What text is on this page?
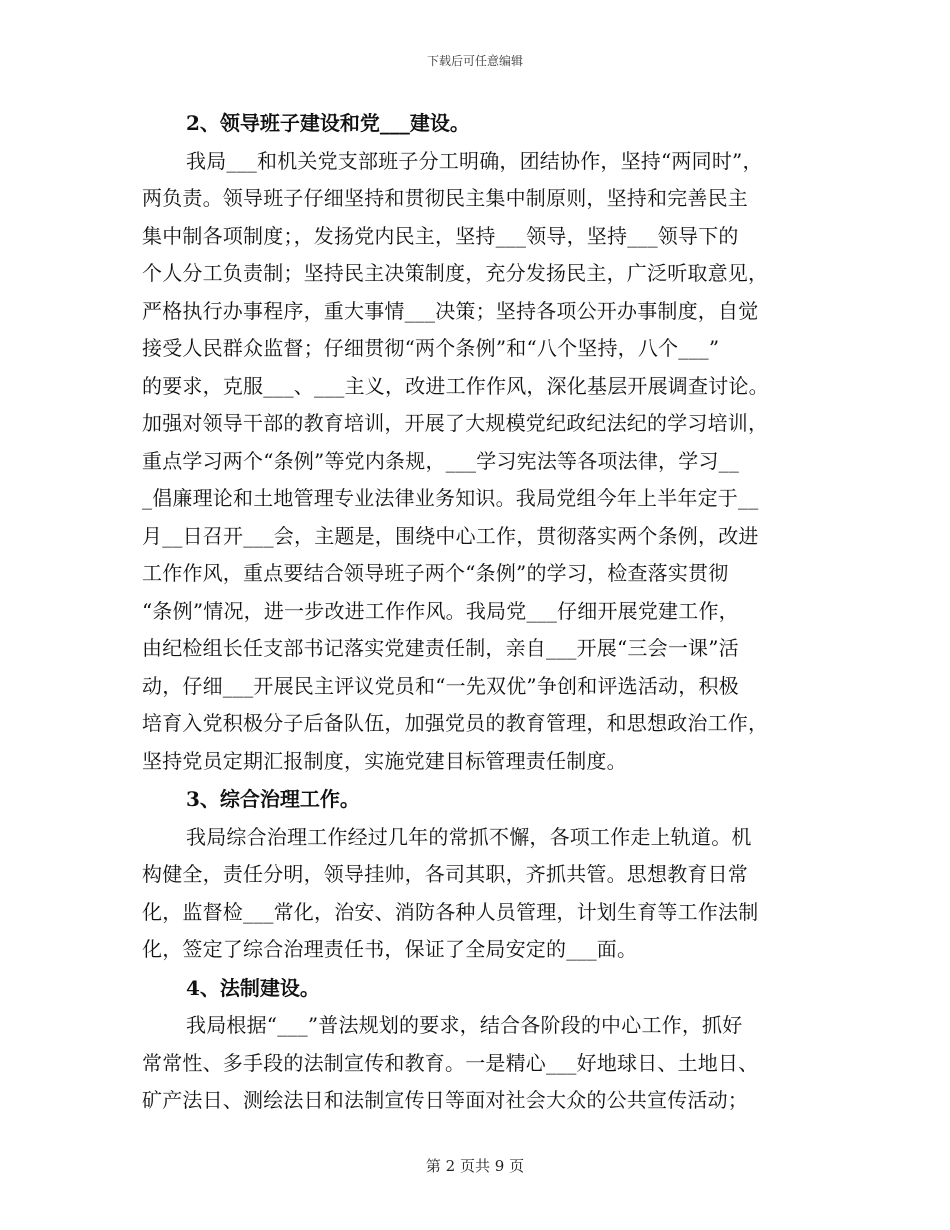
下载后可任意编辑
2、领导班子建设和党___建设。

我局___和机关党支部班子分工明确，团结协作，坚持“两同时”，
两负责。领导班子仔细坚持和贯彻民主集中制原则，坚持和完善民主
集中制各项制度；，发扬党内民主，坚持___领导，坚持___领导下的
个人分工负责制；坚持民主决策制度，充分发扬民主，广泛听取意见，
严格执行办事程序，重大事情___决策；坚持各项公开办事制度，自觉
接受人民群众监督；仔细贯彻“两个条例”和“八个坚持，八个___”
的要求，克服___、___主义，改进工作作风，深化基层开展调查讨论。
加强对领导干部的教育培训，开展了大规模党纪政纪法纪的学习培训，
重点学习两个“条例”等党内条规，___学习宪法等各项法律，学习__
_倡廉理论和土地管理专业法律业务知识。我局党组今年上半年定于__
月__日召开___会，主题是，围绕中心工作，贯彻落实两个条例，改进
工作作风，重点要结合领导班子两个“条例”的学习，检查落实贯彻
“条例”情况，进一步改进工作作风。我局党___仔细开展党建工作，
由纪检组长任支部书记落实党建责任制，亲自___开展“三会一课”活
动，仔细___开展民主评议党员和“一先双优”争创和评选活动，积极
培育入党积极分子后备队伍，加强党员的教育管理，和思想政治工作，
坚持党员定期汇报制度，实施党建目标管理责任制度。

3、综合治理工作。

我局综合治理工作经过几年的常抓不懈，各项工作走上轨道。机
构健全，责任分明，领导挂帅，各司其职，齐抓共管。思想教育日常
化，监督检___常化，治安、消防各种人员管理，计划生育等工作法制
化，签定了综合治理责任书，保证了全局安定的___面。

4、法制建设。

我局根据“___”普法规划的要求，结合各阶段的中心工作，抓好
常常性、多手段的法制宣传和教育。一是精心___好地球日、土地日、
矿产法日、测绘法日和法制宣传日等面对社会大众的公共宣传活动；

第 2 页共 9 页
